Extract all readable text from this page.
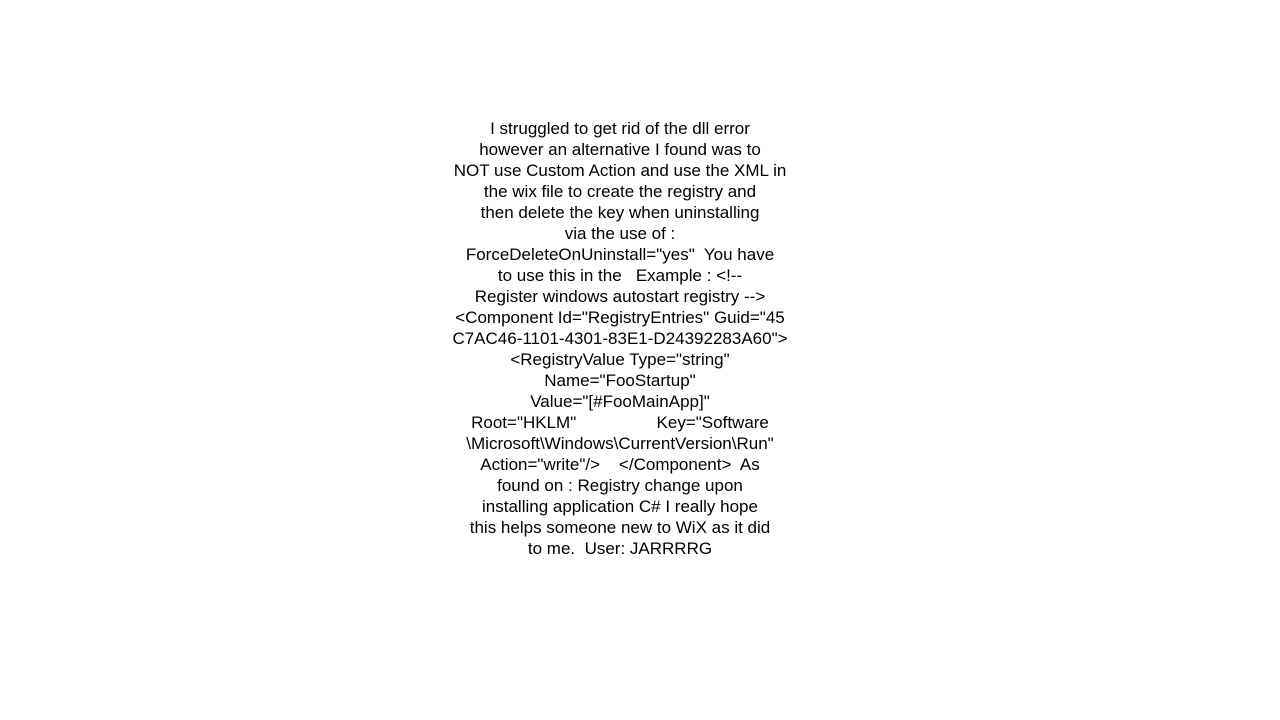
I struggled to get rid of the dll error
however an alternative I found was to
NOT use Custom Action and use the XML in
the wix file to create the registry and
then delete the key when uninstalling
via the use of :
ForceDeleteOnUninstall="yes"  You have
to use this in the   Example : <!--
Register windows autostart registry -->
<Component Id="RegistryEntries" Guid="45
C7AC46-1101-4301-83E1-D24392283A60">
<RegistryValue Type="string"
Name="FooStartup"
Value="[#FooMainApp]"
Root="HKLM"                 Key="Software
\Microsoft\Windows\CurrentVersion\Run"
Action="write"/>    </Component>  As
found on : Registry change upon
installing application C# I really hope
this helps someone new to WiX as it did
to me.  User: JARRRRG
